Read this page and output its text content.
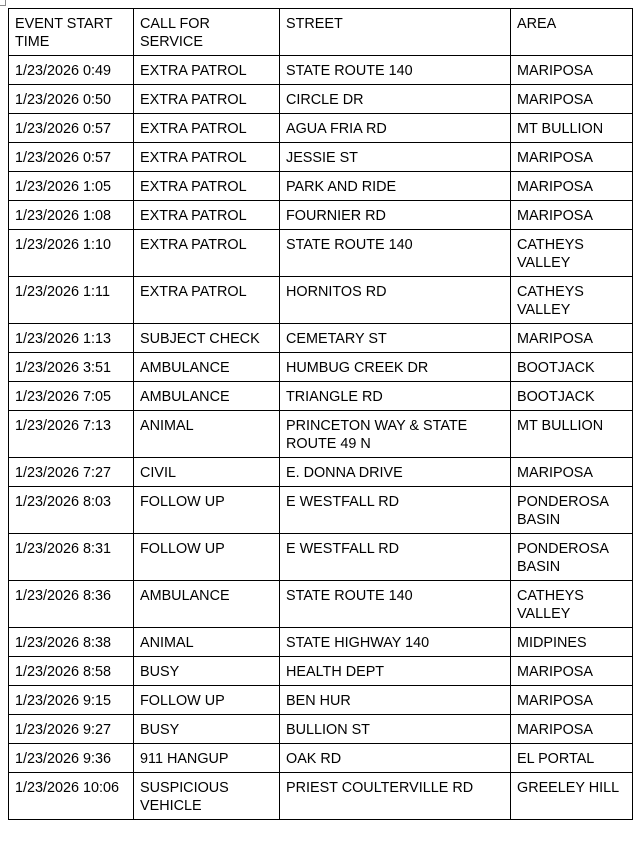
EVENT START TIME	CALL FOR SERVICE	STREET	AREA
1/23/2026 0:49	EXTRA PATROL	STATE ROUTE 140	MARIPOSA
1/23/2026 0:50	EXTRA PATROL	CIRCLE DR	MARIPOSA
1/23/2026 0:57	EXTRA PATROL	AGUA FRIA RD	MT BULLION
1/23/2026 0:57	EXTRA PATROL	JESSIE ST	MARIPOSA
1/23/2026 1:05	EXTRA PATROL	PARK AND RIDE	MARIPOSA
1/23/2026 1:08	EXTRA PATROL	FOURNIER RD	MARIPOSA
1/23/2026 1:10	EXTRA PATROL	STATE ROUTE 140	CATHEYS VALLEY
1/23/2026 1:11	EXTRA PATROL	HORNITOS RD	CATHEYS VALLEY
1/23/2026 1:13	SUBJECT CHECK	CEMETARY ST	MARIPOSA
1/23/2026 3:51	AMBULANCE	HUMBUG CREEK DR	BOOTJACK
1/23/2026 7:05	AMBULANCE	TRIANGLE RD	BOOTJACK
1/23/2026 7:13	ANIMAL	PRINCETON WAY & STATE ROUTE 49 N	MT BULLION
1/23/2026 7:27	CIVIL	E. DONNA DRIVE	MARIPOSA
1/23/2026 8:03	FOLLOW UP	E WESTFALL RD	PONDEROSA BASIN
1/23/2026 8:31	FOLLOW UP	E WESTFALL RD	PONDEROSA BASIN
1/23/2026 8:36	AMBULANCE	STATE ROUTE 140	CATHEYS VALLEY
1/23/2026 8:38	ANIMAL	STATE HIGHWAY 140	MIDPINES
1/23/2026 8:58	BUSY	HEALTH DEPT	MARIPOSA
1/23/2026 9:15	FOLLOW UP	BEN HUR	MARIPOSA
1/23/2026 9:27	BUSY	BULLION ST	MARIPOSA
1/23/2026 9:36	911 HANGUP	OAK RD	EL PORTAL
1/23/2026 10:06	SUSPICIOUS VEHICLE	PRIEST COULTERVILLE RD	GREELEY HILL
